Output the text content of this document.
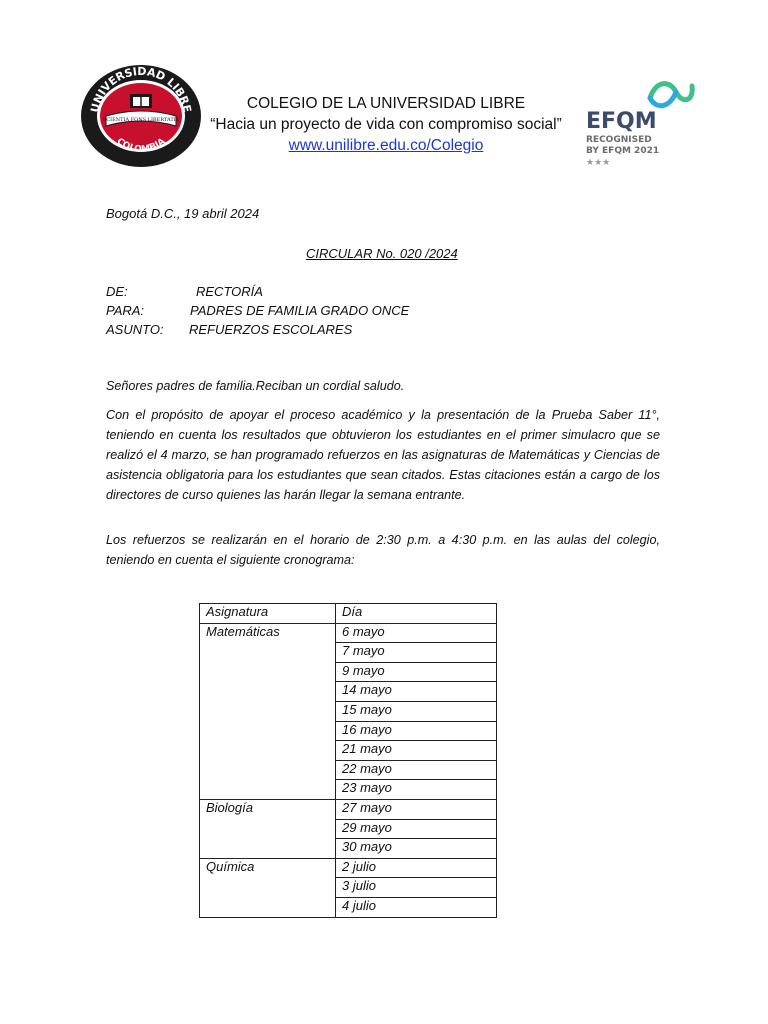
UNIVERSIDAD LIBRE
COLOMBIA
SCIENTIA FONS LIBERTATIS
COLEGIO DE LA UNIVERSIDAD LIBRE
“Hacia un proyecto de vida con compromiso social”
www.unilibre.edu.co/Colegio
EFQM
RECOGNISED
BY EFQM 2021
★★★
Bogotá D.C., 19 abril 2024
CIRCULAR No. 020 /2024
DE:	RECTORÍA
PARA:	PADRES DE FAMILIA GRADO ONCE
ASUNTO: REFUERZOS ESCOLARES
Señores padres de familia.Reciban un cordial saludo.
Con el propósito de apoyar el proceso académico y la presentación de la Prueba Saber 11°, teniendo en cuenta los resultados que obtuvieron los estudiantes en el primer simulacro que se realizó el 4 marzo, se han programado refuerzos en las asignaturas de Matemáticas y Ciencias de asistencia obligatoria para los estudiantes que sean citados. Estas citaciones están a cargo de los directores de curso quienes las harán llegar la semana entrante.
Los refuerzos se realizarán en el horario de 2:30 p.m. a 4:30 p.m. en las aulas del colegio, teniendo en cuenta el siguiente cronograma:
Asignatura	Día
Matemáticas	6 mayo
	7 mayo
	9 mayo
	14 mayo
	15 mayo
	16 mayo
	21 mayo
	22 mayo
	23 mayo
Biología	27 mayo
	29 mayo
	30 mayo
Química	2 julio
	3 julio
	4 julio
